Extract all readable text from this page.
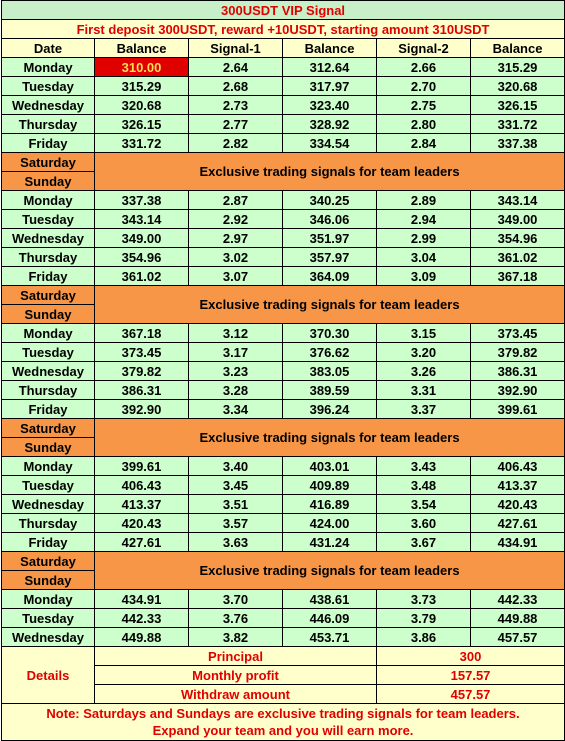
300USDT VIP Signal					
First deposit 300USDT, reward +10USDT, starting amount 310USDT					
Date	Balance	Signal-1	Balance	Signal-2	Balance
Monday	310.00	2.64	312.64	2.66	315.29
Tuesday	315.29	2.68	317.97	2.70	320.68
Wednesday	320.68	2.73	323.40	2.75	326.15
Thursday	326.15	2.77	328.92	2.80	331.72
Friday	331.72	2.82	334.54	2.84	337.38
Saturday	Exclusive trading signals for team leaders				
Sunday					
Monday	337.38	2.87	340.25	2.89	343.14
Tuesday	343.14	2.92	346.06	2.94	349.00
Wednesday	349.00	2.97	351.97	2.99	354.96
Thursday	354.96	3.02	357.97	3.04	361.02
Friday	361.02	3.07	364.09	3.09	367.18
Saturday	Exclusive trading signals for team leaders				
Sunday					
Monday	367.18	3.12	370.30	3.15	373.45
Tuesday	373.45	3.17	376.62	3.20	379.82
Wednesday	379.82	3.23	383.05	3.26	386.31
Thursday	386.31	3.28	389.59	3.31	392.90
Friday	392.90	3.34	396.24	3.37	399.61
Saturday	Exclusive trading signals for team leaders				
Sunday					
Monday	399.61	3.40	403.01	3.43	406.43
Tuesday	406.43	3.45	409.89	3.48	413.37
Wednesday	413.37	3.51	416.89	3.54	420.43
Thursday	420.43	3.57	424.00	3.60	427.61
Friday	427.61	3.63	431.24	3.67	434.91
Saturday	Exclusive trading signals for team leaders				
Sunday					
Monday	434.91	3.70	438.61	3.73	442.33
Tuesday	442.33	3.76	446.09	3.79	449.88
Wednesday	449.88	3.82	453.71	3.86	457.57
Details	Principal			300	
	Monthly profit			157.57	
	Withdraw amount			457.57	
Note: Saturdays and Sundays are exclusive trading signals for team leaders.
Expand your team and you will earn more.					
